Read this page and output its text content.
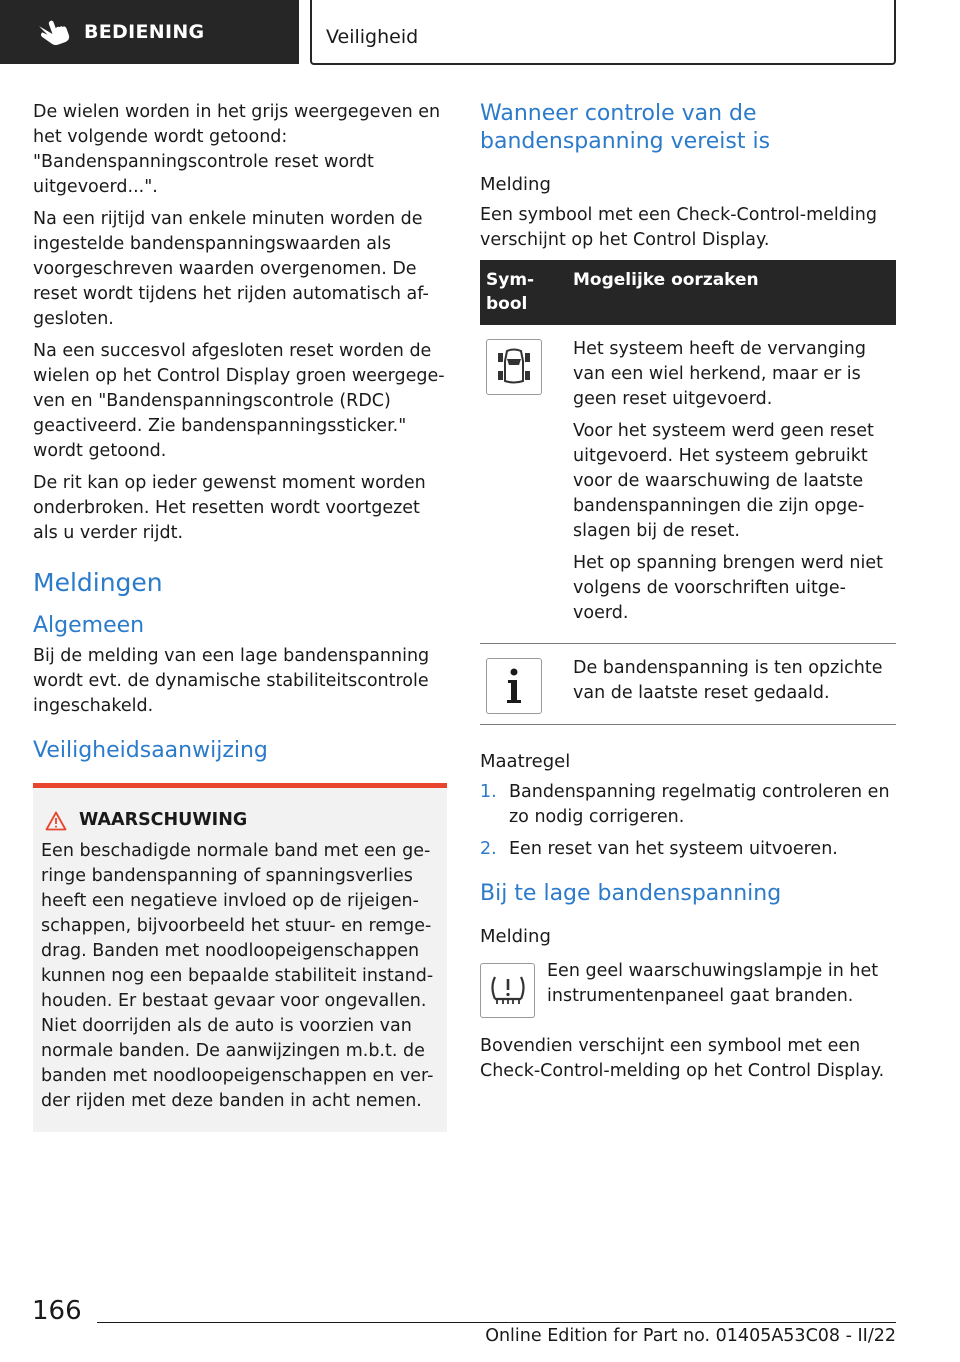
BEDIENING	Veiligheid

De wielen worden in het grijs weergegeven en het volgende wordt getoond: "Bandenspanningscontrole reset wordt uitgevoerd...".

Na een rijtijd van enkele minuten worden de ingestelde bandenspanningswaarden als voorgeschreven waarden overgenomen. De reset wordt tijdens het rijden automatisch af-gesloten.

Na een succesvol afgesloten reset worden de wielen op het Control Display groen weergege-ven en "Bandenspanningscontrole (RDC) geactiveerd. Zie bandenspanningssticker." wordt getoond.

De rit kan op ieder gewenst moment worden onderbroken. Het resetten wordt voortgezet als u verder rijdt.

Meldingen
Algemeen

Bij de melding van een lage bandenspanning wordt evt. de dynamische stabiliteitscontrole ingeschakeld.

Veiligheidsaanwijzing
WAARSCHUWING

Een beschadigde normale band met een ge-ringe bandenspanning of spanningsverlies heeft een negatieve invloed op de rijeigen-schappen, bijvoorbeeld het stuur- en remge-drag. Banden met noodloopeigenschappen kunnen nog een bepaalde stabiliteit instand-houden. Er bestaat gevaar voor ongevallen. Niet doorrijden als de auto is voorzien van normale banden. De aanwijzingen m.b.t. de banden met noodloopeigenschappen en ver-der rijden met deze banden in acht nemen.

Wanneer controle van de bandenspanning vereist is
Melding

Een symbool met een Check-Control-melding verschijnt op het Control Display.

Sym-bool	Mogelijke oorzaken

Het systeem heeft de vervanging van een wiel herkend, maar er is geen reset uitgevoerd.

Voor het systeem werd geen reset uitgevoerd. Het systeem gebruikt voor de waarschuwing de laatste bandenspanningen die zijn opge-slagen bij de reset.

Het op spanning brengen werd niet volgens de voorschriften uitge-voerd.

De bandenspanning is ten opzichte van de laatste reset gedaald.

Maatregel
1. Bandenspanning regelmatig controleren en zo nodig corrigeren.
2. Een reset van het systeem uitvoeren.
Bij te lage bandenspanning
Melding

Een geel waarschuwingslampje in het instrumentenpaneel gaat branden.

Bovendien verschijnt een symbool met een Check-Control-melding op het Control Display.

166
Online Edition for Part no. 01405A53C08 - II/22
